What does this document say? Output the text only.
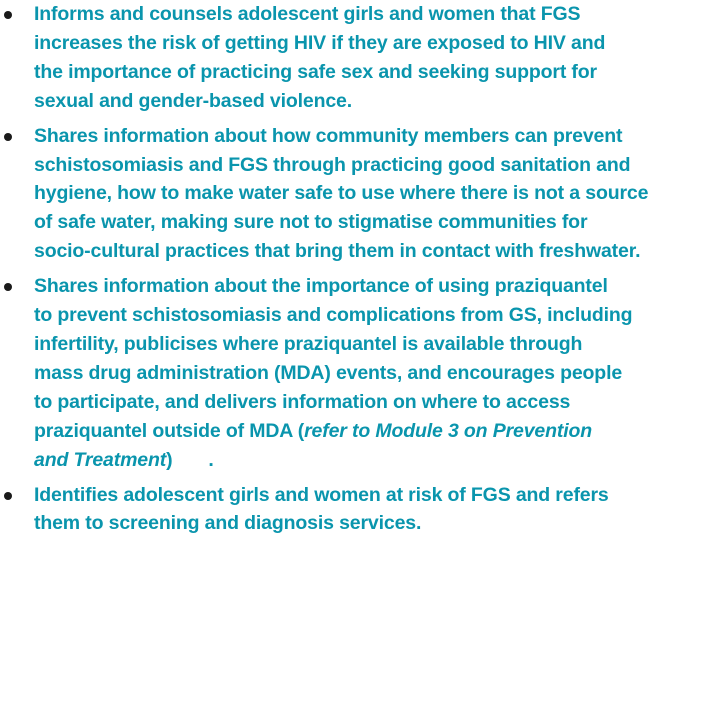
Informs and counsels adolescent girls and women that FGS
increases the risk of getting HIV if they are exposed to HIV and
the importance of practicing safe sex and seeking support for
sexual and gender-based violence.
Shares information about how community members can prevent
schistosomiasis and FGS through practicing good sanitation and
hygiene, how to make water safe to use where there is not a source
of safe water, making sure not to stigmatise communities for
socio-cultural practices that bring them in contact with freshwater.
Shares information about the importance of using praziquantel
to prevent schistosomiasis and complications from GS, including
infertility, publicises where praziquantel is available through
mass drug administration (MDA) events, and encourages people
to participate, and delivers information on where to access
praziquantel outside of MDA (refer to Module 3 on Prevention
and Treatment) .
Identifies adolescent girls and women at risk of FGS and refers
them to screening and diagnosis services.
